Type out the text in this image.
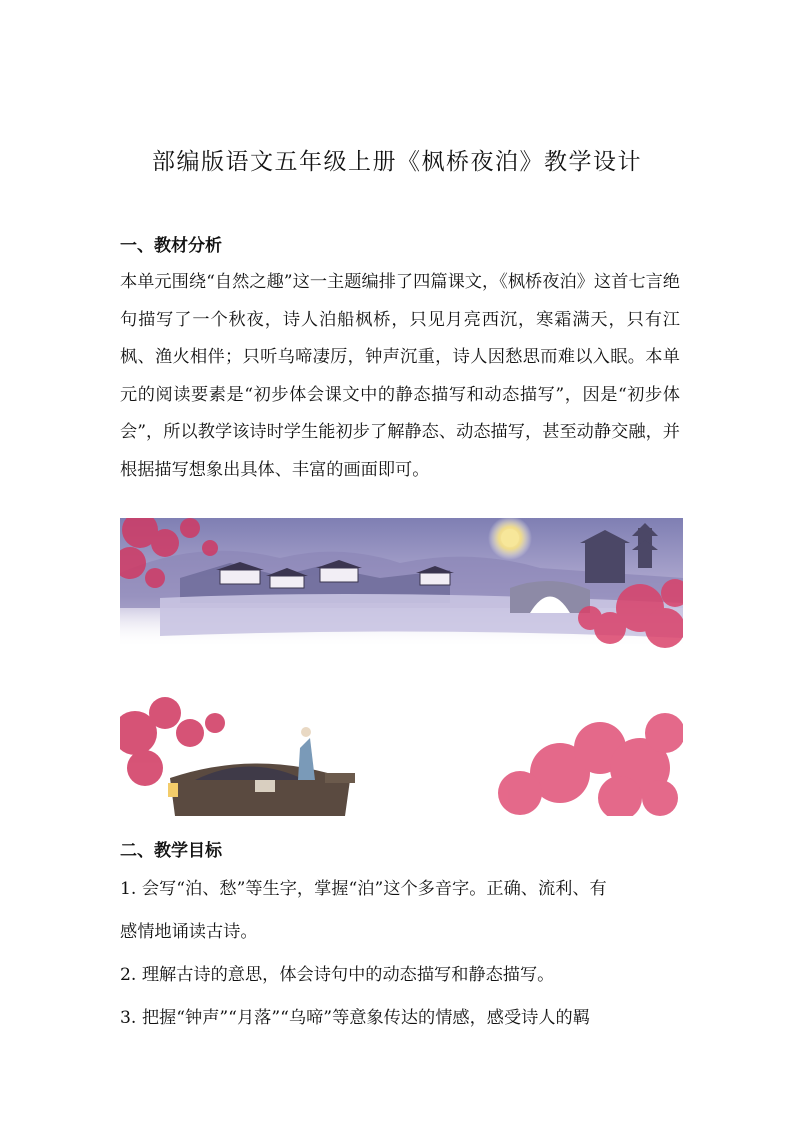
部编版语文五年级上册《枫桥夜泊》教学设计
一、教材分析
本单元围绕“自然之趣”这一主题编排了四篇课文，《枫桥夜泊》这首七言绝句描写了一个秋夜，诗人泊船枫桥，只见月亮西沉，寒霜满天，只有江枫、渔火相伴；只听乌啼凄厉，钟声沉重，诗人因愁思而难以入眠。本单元的阅读要素是“初步体会课文中的静态描写和动态描写”，因是“初步体会”，所以教学该诗时学生能初步了解静态、动态描写，甚至动静交融，并根据描写想象出具体、丰富的画面即可。
二、教学目标
1. 会写“泊、愁”等生字，掌握“泊”这个多音字。正确、流利、有
感情地诵读古诗。
2. 理解古诗的意思，体会诗句中的动态描写和静态描写。
3. 把握“钟声”“月落”“乌啼”等意象传达的情感，感受诗人的羁
